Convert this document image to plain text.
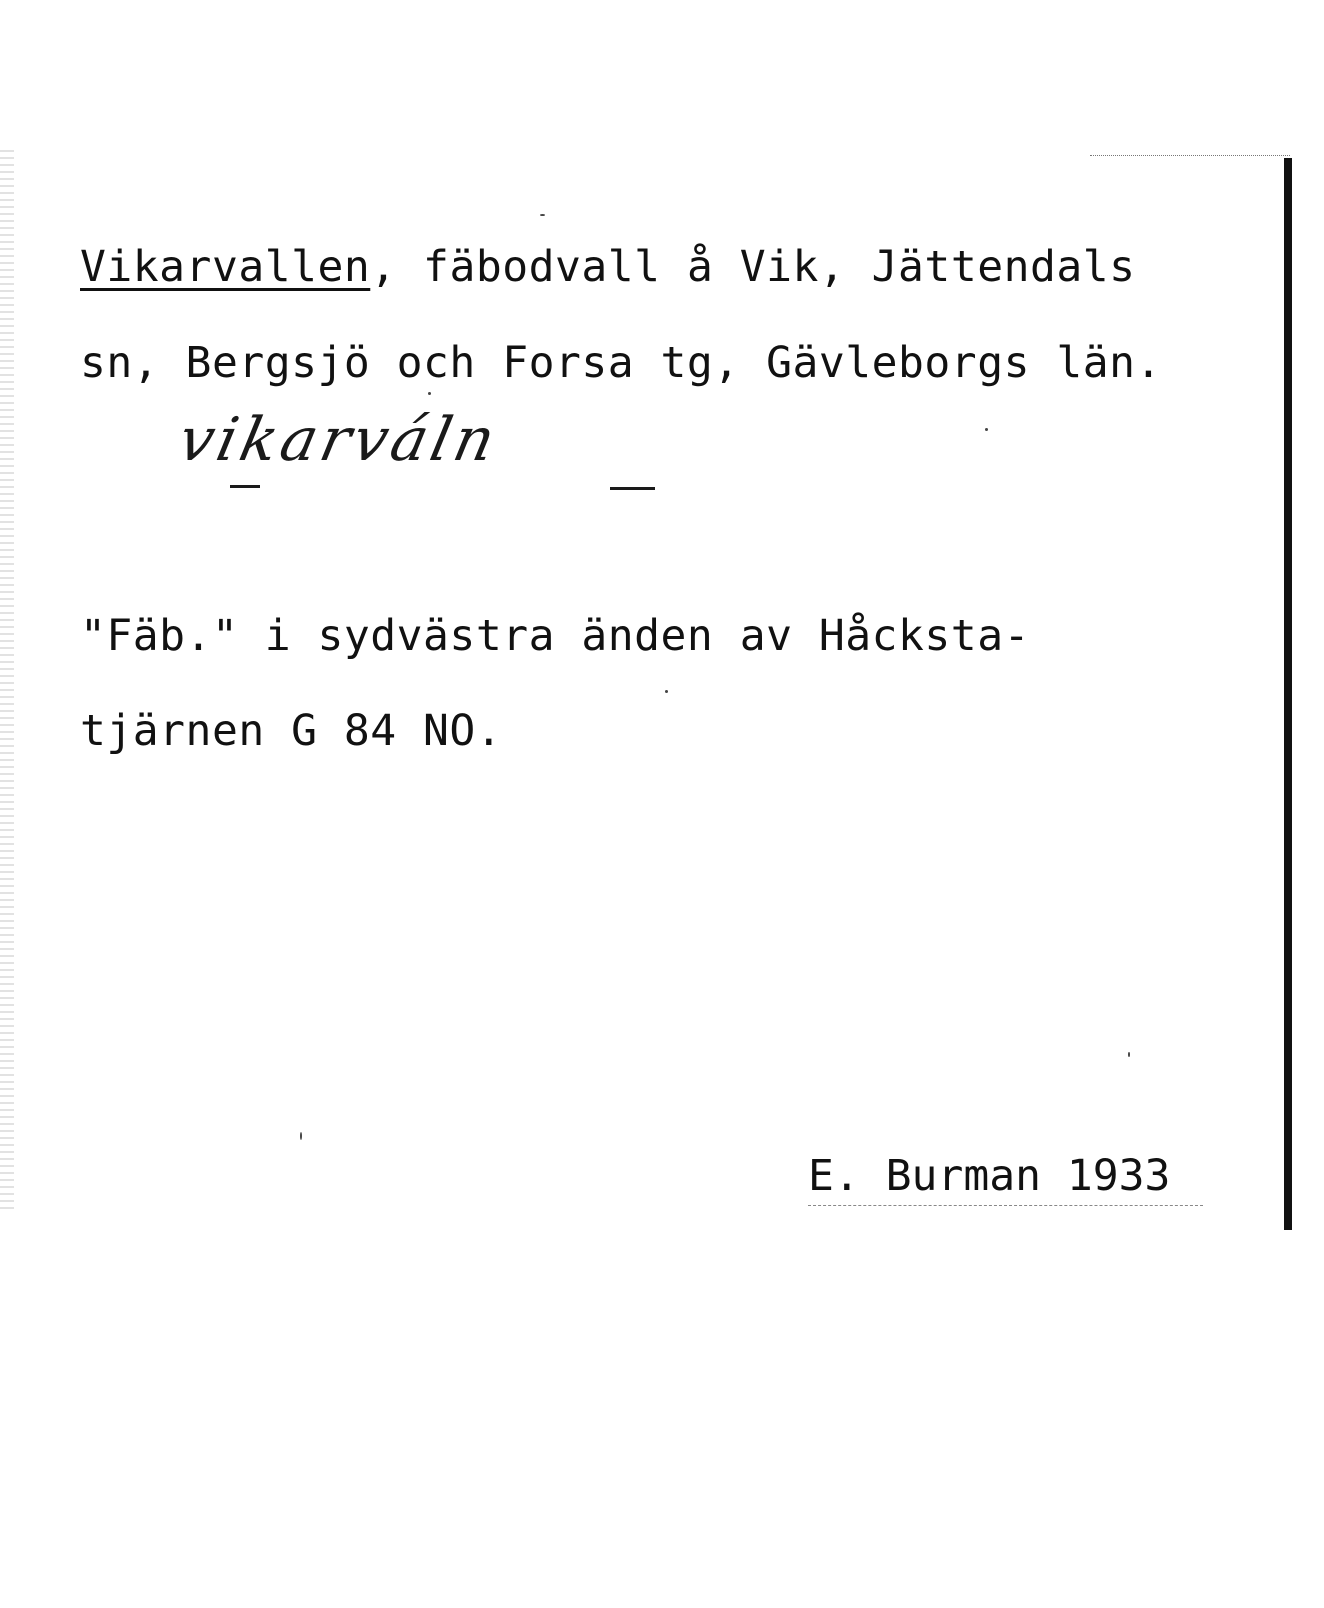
Vikarvallen, fäbodvall å Vik, Jättendals
sn, Bergsjö och Forsa tg, Gävleborgs län.
vikarváln
"Fäb." i sydvästra änden av Håcksta-
tjärnen G 84 NO.
E. Burman 1933
